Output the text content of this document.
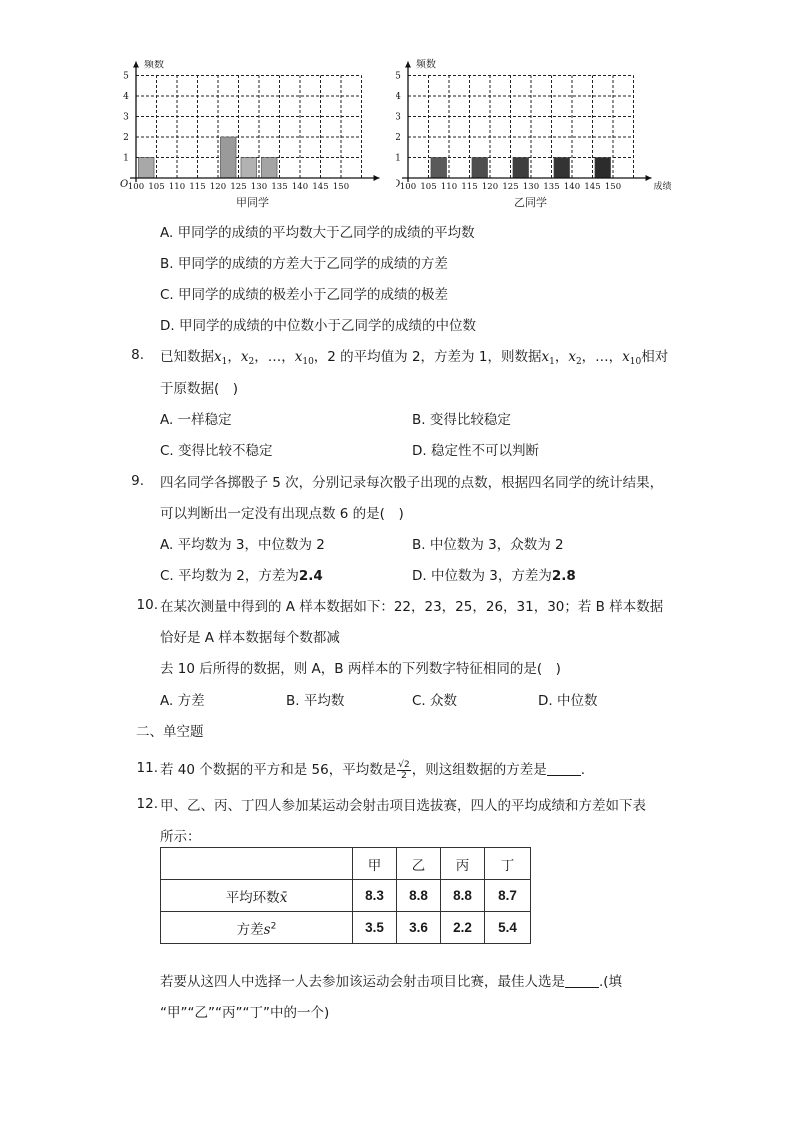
1
2
3
4
5
100 105 110 115 120 125 130 135 140 145 150
频数
O
甲同学
1
2
3
4
5
100 105 110 115 120 125 130 135 140 145 150	成绩
频数
乙同学
A. 甲同学的成绩的平均数大于乙同学的成绩的平均数
B. 甲同学的成绩的方差大于乙同学的成绩的方差
C. 甲同学的成绩的极差小于乙同学的成绩的极差
D. 甲同学的成绩的中位数小于乙同学的成绩的中位数
8. 已知数据$x_1$，$x_2$，…，$x_{10}$，2 的平均值为 2，方差为 1，则数据$x_1$，$x_2$，…，$x_{10}$相对
于原数据(　)
A. 一样稳定	B. 变得比较稳定
C. 变得比较不稳定	D. 稳定性不可以判断
9. 四名同学各掷骰子 5 次，分别记录每次骰子出现的点数，根据四名同学的统计结果，
可以判断出一定没有出现点数 6 的是(　)
A. 平均数为 3，中位数为 2	B. 中位数为 3，众数为 2
C. 平均数为 2，方差为2.4	D. 中位数为 3，方差为2.8
10. 在某次测量中得到的 A 样本数据如下：22，23，25，26，31，30；若 B 样本数据
恰好是 A 样本数据每个数都减
去 10 后所得的数据，则 A，B 两样本的下列数字特征相同的是(　)
A. 方差	B. 平均数	C. 众数	D. 中位数
二、单空题
11. 若 40 个数据的平方和是 56，平均数是 $\frac{√2}{2}$ ，则这组数据的方差是	.
12. 甲、乙、丙、丁四人参加某运动会射击项目选拔赛，四人的平均成绩和方差如下表
所示：
	甲	乙	丙	丁
平均环数x̄	8.3	8.8	8.8	8.7
方差$s^2$	3.5	3.6	2.2	5.4
若要从这四人中选择一人去参加该运动会射击项目比赛，最佳人选是	.(填
“甲”“乙”“丙”“丁”中的一个)
